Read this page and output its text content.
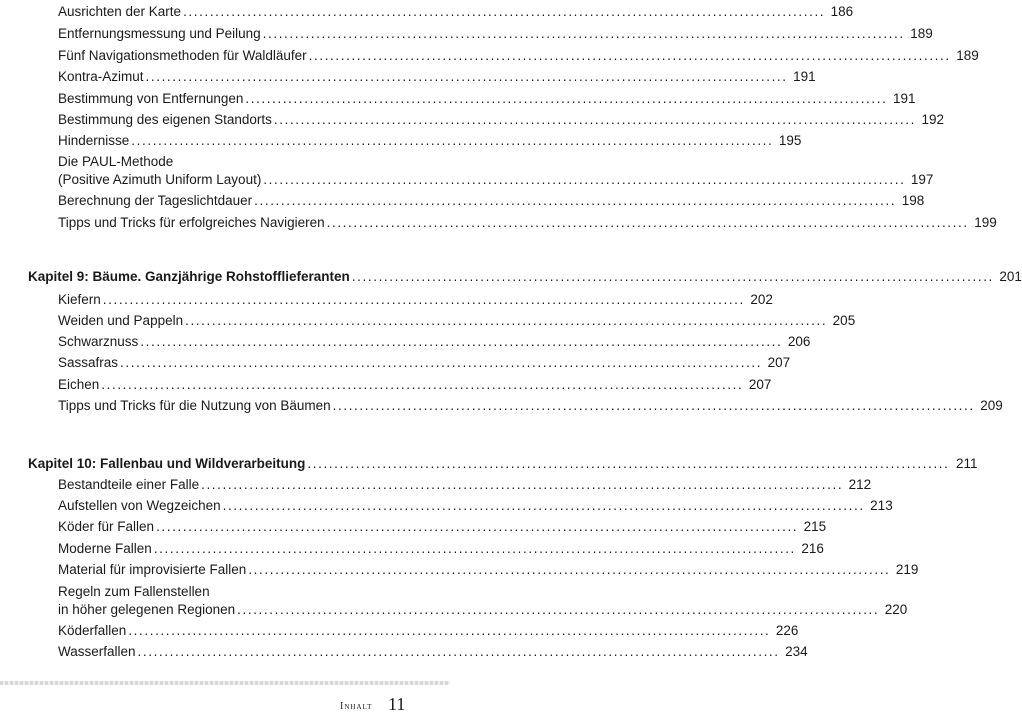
Ausrichten der Karte ........................................................................................................................ 186
Entfernungsmessung und Peilung ........................................................................................................................ 189
Fünf Navigationsmethoden für Waldläufer ........................................................................................................................ 189
Kontra-Azimut ........................................................................................................................ 191
Bestimmung von Entfernungen ........................................................................................................................ 191
Bestimmung des eigenen Standorts ........................................................................................................................ 192
Hindernisse ........................................................................................................................ 195
Die PAUL-Methode
(Positive Azimuth Uniform Layout) ........................................................................................................................ 197
Berechnung der Tageslichtdauer ........................................................................................................................ 198
Tipps und Tricks für erfolgreiches Navigieren ........................................................................................................................ 199
Kapitel 9: Bäume. Ganzjährige Rohstofflieferanten ........................................................................................................................ 201
Kiefern ........................................................................................................................ 202
Weiden und Pappeln ........................................................................................................................ 205
Schwarznuss ........................................................................................................................ 206
Sassafras ........................................................................................................................ 207
Eichen ........................................................................................................................ 207
Tipps und Tricks für die Nutzung von Bäumen ........................................................................................................................ 209
Kapitel 10: Fallenbau und Wildverarbeitung ........................................................................................................................ 211
Bestandteile einer Falle ........................................................................................................................ 212
Aufstellen von Wegzeichen ........................................................................................................................ 213
Köder für Fallen ........................................................................................................................ 215
Moderne Fallen ........................................................................................................................ 216
Material für improvisierte Fallen ........................................................................................................................ 219
Regeln zum Fallenstellen
in höher gelegenen Regionen ........................................................................................................................ 220
Köderfallen ........................................................................................................................ 226
Wasserfallen ........................................................................................................................ 234
Inhalt 11
